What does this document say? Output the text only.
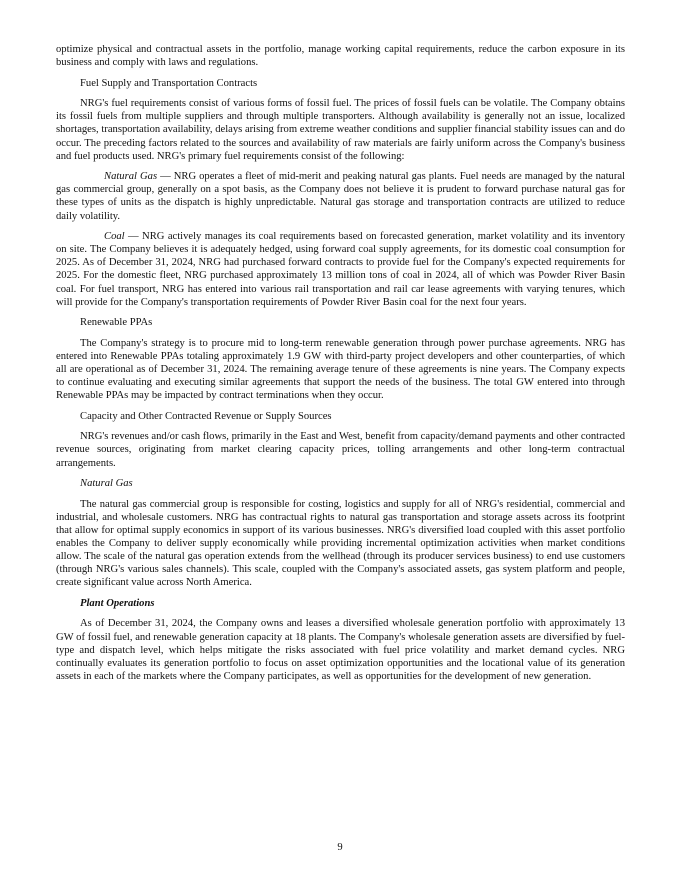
optimize physical and contractual assets in the portfolio, manage working capital requirements, reduce the carbon exposure in its business and comply with laws and regulations.

Fuel Supply and Transportation Contracts

NRG's fuel requirements consist of various forms of fossil fuel. The prices of fossil fuels can be volatile. The Company obtains its fossil fuels from multiple suppliers and through multiple transporters. Although availability is generally not an issue, localized shortages, transportation availability, delays arising from extreme weather conditions and supplier financial stability issues can and do occur. The preceding factors related to the sources and availability of raw materials are fairly uniform across the Company's business and fuel products used. NRG's primary fuel requirements consist of the following:

Natural Gas — NRG operates a fleet of mid-merit and peaking natural gas plants. Fuel needs are managed by the natural gas commercial group, generally on a spot basis, as the Company does not believe it is prudent to forward purchase natural gas for these types of units as the dispatch is highly unpredictable. Natural gas storage and transportation contracts are utilized to reduce daily volatility.

Coal — NRG actively manages its coal requirements based on forecasted generation, market volatility and its inventory on site. The Company believes it is adequately hedged, using forward coal supply agreements, for its domestic coal consumption for 2025. As of December 31, 2024, NRG had purchased forward contracts to provide fuel for the Company's expected requirements for 2025. For the domestic fleet, NRG purchased approximately 13 million tons of coal in 2024, all of which was Powder River Basin coal. For fuel transport, NRG has entered into various rail transportation and rail car lease agreements with varying tenures, which will provide for the Company's transportation requirements of Powder River Basin coal for the next four years.

Renewable PPAs

The Company's strategy is to procure mid to long-term renewable generation through power purchase agreements. NRG has entered into Renewable PPAs totaling approximately 1.9 GW with third-party project developers and other counterparties, of which all are operational as of December 31, 2024. The remaining average tenure of these agreements is nine years. The Company expects to continue evaluating and executing similar agreements that support the needs of the business. The total GW entered into through Renewable PPAs may be impacted by contract terminations when they occur.

Capacity and Other Contracted Revenue or Supply Sources

NRG's revenues and/or cash flows, primarily in the East and West, benefit from capacity/demand payments and other contracted revenue sources, originating from market clearing capacity prices, tolling arrangements and other long-term contractual arrangements.

Natural Gas

The natural gas commercial group is responsible for costing, logistics and supply for all of NRG's residential, commercial and industrial, and wholesale customers. NRG has contractual rights to natural gas transportation and storage assets across its footprint that allow for optimal supply economics in support of its various businesses. NRG's diversified load coupled with this asset portfolio enables the Company to deliver supply economically while providing incremental optimization activities when market conditions allow. The scale of the natural gas operation extends from the wellhead (through its producer services business) to end use customers (through NRG's various sales channels). This scale, coupled with the Company's associated assets, gas system platform and people, create significant value across North America.

Plant Operations

As of December 31, 2024, the Company owns and leases a diversified wholesale generation portfolio with approximately 13 GW of fossil fuel, and renewable generation capacity at 18 plants. The Company's wholesale generation assets are diversified by fuel-type and dispatch level, which helps mitigate the risks associated with fuel price volatility and market demand cycles. NRG continually evaluates its generation portfolio to focus on asset optimization opportunities and the locational value of its generation assets in each of the markets where the Company participates, as well as opportunities for the development of new generation.

9
